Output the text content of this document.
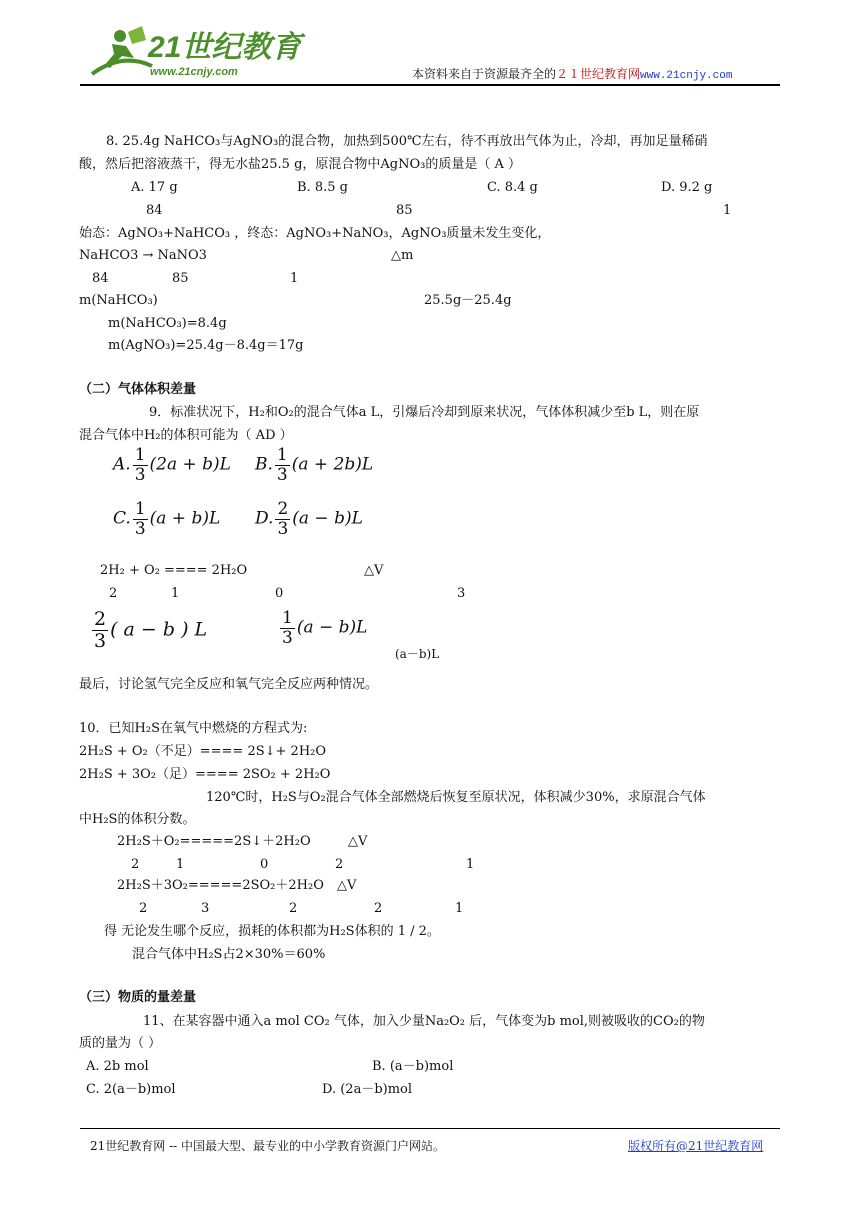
21世纪教育
www.21cnjy.com	本资料来自于资源最齐全的２１世纪教育网www.21cnjy.com
8. 25.4g NaHCO₃与AgNO₃的混合物，加热到500℃左右，待不再放出气体为止，冷却，再加足量稀硝
酸，然后把溶液蒸干，得无水盐25.5 g，原混合物中AgNO₃的质量是（ A ）
A. 17 g	B. 8.5 g	C. 8.4 g	D. 9.2 g
84	85	1
始态：AgNO₃+NaHCO₃ ，终态：AgNO₃+NaNO₃，AgNO₃质量未发生变化，
NaHCO3 → NaNO3	△m
84	85	1
m(NaHCO₃)	25.5g－25.4g
m(NaHCO₃)=8.4g
m(AgNO₃)=25.4g－8.4g＝17g
（二）气体体积差量
9．标准状况下，H₂和O₂的混合气体a L，引爆后冷却到原来状况，气体体积减少至b L，则在原
混合气体中H₂的体积可能为（ AD ）
A. $\frac{1}{3} (2a + b)L$ B. $\frac{1}{3} (a + 2b)L$
C. $\frac{1}{3} (a + b)L$ D. $\frac{2}{3} (a - b)L$
2H₂ + O₂ ==== 2H₂O	△V
2	1	0	3
$\frac{2}{3}$ ( a − b ) L	$\frac{1}{3} (a - b)L$
(a－b)L
最后，讨论氢气完全反应和氧气完全反应两种情况。
10．已知H₂S在氧气中燃烧的方程式为:
2H₂S + O₂（不足）==== 2S↓+ 2H₂O
2H₂S + 3O₂（足）==== 2SO₂ + 2H₂O
120℃时，H₂S与O₂混合气体全部燃烧后恢复至原状况，体积减少30%，求原混合气体
中H₂S的体积分数。
2H₂S＋O₂=====2S↓＋2H₂O	△V
2	1	0	2	1
2H₂S＋3O₂=====2SO₂＋2H₂O △V
2	3	2	2	1
得 无论发生哪个反应，损耗的体积都为H₂S体积的 1 / 2。
混合气体中H₂S占2×30%＝60%
（三）物质的量差量
11、在某容器中通入a mol CO₂ 气体，加入少量Na₂O₂ 后，气体变为b mol,则被吸收的CO₂的物
质的量为（ ）
A. 2b mol	B. (a－b)mol
C. 2(a－b)mol	D. (2a－b)mol
21世纪教育网 -- 中国最大型、最专业的中小学教育资源门户网站。	版权所有@21世纪教育网
